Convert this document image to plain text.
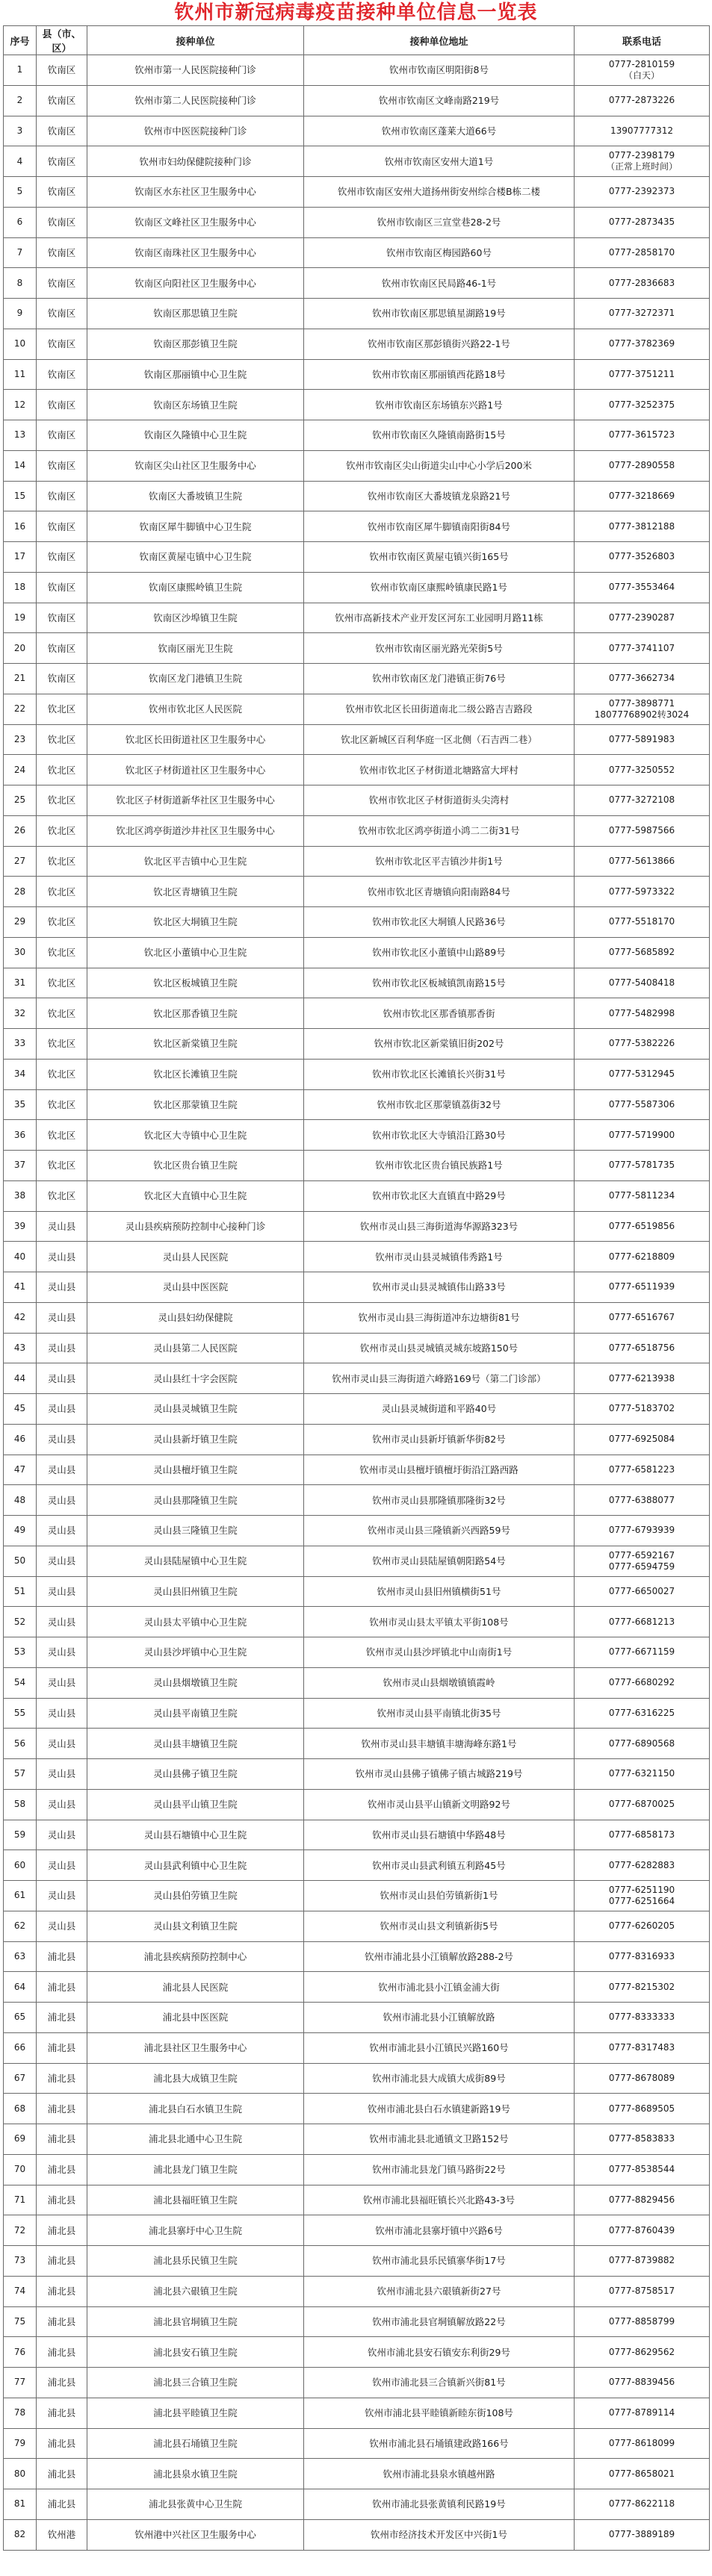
钦州市新冠病毒疫苗接种单位信息一览表
序号	县（市、区）	接种单位	接种单位地址	联系电话
1	钦南区	钦州市第一人民医院接种门诊	钦州市钦南区明阳街8号	0777-2810159
（白天）
2	钦南区	钦州市第二人民医院接种门诊	钦州市钦南区文峰南路219号	0777-2873226
3	钦南区	钦州市中医医院接种门诊	钦州市钦南区蓬莱大道66号	13907777312
4	钦南区	钦州市妇幼保健院接种门诊	钦州市钦南区安州大道1号	0777-2398179
（正常上班时间）
5	钦南区	钦南区水东社区卫生服务中心	钦州市钦南区安州大道扬州街安州综合楼B栋二楼	0777-2392373
6	钦南区	钦南区文峰社区卫生服务中心	钦州市钦南区三宣堂巷28-2号	0777-2873435
7	钦南区	钦南区南珠社区卫生服务中心	钦州市钦南区梅园路60号	0777-2858170
8	钦南区	钦南区向阳社区卫生服务中心	钦州市钦南区民局路46-1号	0777-2836683
9	钦南区	钦南区那思镇卫生院	钦州市钦南区那思镇星湖路19号	0777-3272371
10	钦南区	钦南区那彭镇卫生院	钦州市钦南区那彭镇街兴路22-1号	0777-3782369
11	钦南区	钦南区那丽镇中心卫生院	钦州市钦南区那丽镇西花路18号	0777-3751211
12	钦南区	钦南区东场镇卫生院	钦州市钦南区东场镇东兴路1号	0777-3252375
13	钦南区	钦南区久隆镇中心卫生院	钦州市钦南区久隆镇南路街15号	0777-3615723
14	钦南区	钦南区尖山社区卫生服务中心	钦州市钦南区尖山街道尖山中心小学后200米	0777-2890558
15	钦南区	钦南区大番坡镇卫生院	钦州市钦南区大番坡镇龙泉路21号	0777-3218669
16	钦南区	钦南区犀牛脚镇中心卫生院	钦州市钦南区犀牛脚镇南阳街84号	0777-3812188
17	钦南区	钦南区黄屋屯镇中心卫生院	钦州市钦南区黄屋屯镇兴街165号	0777-3526803
18	钦南区	钦南区康熙岭镇卫生院	钦州市钦南区康熙岭镇康民路1号	0777-3553464
19	钦南区	钦南区沙埠镇卫生院	钦州市高新技术产业开发区河东工业园明月路11栋	0777-2390287
20	钦南区	钦南区丽光卫生院	钦州市钦南区丽光路光荣街5号	0777-3741107
21	钦南区	钦南区龙门港镇卫生院	钦州市钦南区龙门港镇正街76号	0777-3662734
22	钦北区	钦州市钦北区人民医院	钦州市钦北区长田街道南北二级公路吉吉路段	0777-3898771
18077768902转3024
23	钦北区	钦北区长田街道社区卫生服务中心	钦北区新城区百利华庭一区北侧（石吉西二巷）	0777-5891983
24	钦北区	钦北区子材街道社区卫生服务中心	钦州市钦北区子材街道北塘路富大坪村	0777-3250552
25	钦北区	钦北区子材街道新华社区卫生服务中心	钦州市钦北区子材街道街头尖湾村	0777-3272108
26	钦北区	钦北区鸿亭街道沙井社区卫生服务中心	钦州市钦北区鸿亭街道小鸿二二街31号	0777-5987566
27	钦北区	钦北区平吉镇中心卫生院	钦州市钦北区平吉镇沙井街1号	0777-5613866
28	钦北区	钦北区青塘镇卫生院	钦州市钦北区青塘镇向阳南路84号	0777-5973322
29	钦北区	钦北区大垌镇卫生院	钦州市钦北区大垌镇人民路36号	0777-5518170
30	钦北区	钦北区小董镇中心卫生院	钦州市钦北区小董镇中山路89号	0777-5685892
31	钦北区	钦北区板城镇卫生院	钦州市钦北区板城镇凯南路15号	0777-5408418
32	钦北区	钦北区那香镇卫生院	钦州市钦北区那香镇那香街	0777-5482998
33	钦北区	钦北区新棠镇卫生院	钦州市钦北区新棠镇旧街202号	0777-5382226
34	钦北区	钦北区长滩镇卫生院	钦州市钦北区长滩镇长兴街31号	0777-5312945
35	钦北区	钦北区那蒙镇卫生院	钦州市钦北区那蒙镇荔街32号	0777-5587306
36	钦北区	钦北区大寺镇中心卫生院	钦州市钦北区大寺镇沿江路30号	0777-5719900
37	钦北区	钦北区贵台镇卫生院	钦州市钦北区贵台镇民族路1号	0777-5781735
38	钦北区	钦北区大直镇中心卫生院	钦州市钦北区大直镇直中路29号	0777-5811234
39	灵山县	灵山县疾病预防控制中心接种门诊	钦州市灵山县三海街道海华源路323号	0777-6519856
40	灵山县	灵山县人民医院	钦州市灵山县灵城镇伟秀路1号	0777-6218809
41	灵山县	灵山县中医医院	钦州市灵山县灵城镇伟山路33号	0777-6511939
42	灵山县	灵山县妇幼保健院	钦州市灵山县三海街道冲东边塘街81号	0777-6516767
43	灵山县	灵山县第二人民医院	钦州市灵山县灵城镇灵城东坡路150号	0777-6518756
44	灵山县	灵山县红十字会医院	钦州市灵山县三海街道六峰路169号（第二门诊部）	0777-6213938
45	灵山县	灵山县灵城镇卫生院	灵山县灵城街道和平路40号	0777-5183702
46	灵山县	灵山县新圩镇卫生院	钦州市灵山县新圩镇新华街82号	0777-6925084
47	灵山县	灵山县檀圩镇卫生院	钦州市灵山县檀圩镇檀圩街沿江路西路	0777-6581223
48	灵山县	灵山县那隆镇卫生院	钦州市灵山县那隆镇那隆街32号	0777-6388077
49	灵山县	灵山县三隆镇卫生院	钦州市灵山县三隆镇新兴西路59号	0777-6793939
50	灵山县	灵山县陆屋镇中心卫生院	钦州市灵山县陆屋镇朝阳路54号	0777-6592167
0777-6594759
51	灵山县	灵山县旧州镇卫生院	钦州市灵山县旧州镇横街51号	0777-6650027
52	灵山县	灵山县太平镇中心卫生院	钦州市灵山县太平镇太平街108号	0777-6681213
53	灵山县	灵山县沙坪镇中心卫生院	钦州市灵山县沙坪镇北中山南街1号	0777-6671159
54	灵山县	灵山县烟墩镇卫生院	钦州市灵山县烟墩镇镇霞岭	0777-6680292
55	灵山县	灵山县平南镇卫生院	钦州市灵山县平南镇北街35号	0777-6316225
56	灵山县	灵山县丰塘镇卫生院	钦州市灵山县丰塘镇丰塘海峰东路1号	0777-6890568
57	灵山县	灵山县佛子镇卫生院	钦州市灵山县佛子镇佛子镇古城路219号	0777-6321150
58	灵山县	灵山县平山镇卫生院	钦州市灵山县平山镇新文明路92号	0777-6870025
59	灵山县	灵山县石塘镇中心卫生院	钦州市灵山县石塘镇中华路48号	0777-6858173
60	灵山县	灵山县武利镇中心卫生院	钦州市灵山县武利镇五利路45号	0777-6282883
61	灵山县	灵山县伯劳镇卫生院	钦州市灵山县伯劳镇新街1号	0777-6251190
0777-6251664
62	灵山县	灵山县文利镇卫生院	钦州市灵山县文利镇新街5号	0777-6260205
63	浦北县	浦北县疾病预防控制中心	钦州市浦北县小江镇解放路288-2号	0777-8316933
64	浦北县	浦北县人民医院	钦州市浦北县小江镇金浦大街	0777-8215302
65	浦北县	浦北县中医医院	钦州市浦北县小江镇解放路	0777-8333333
66	浦北县	浦北县社区卫生服务中心	钦州市浦北县小江镇民兴路160号	0777-8317483
67	浦北县	浦北县大成镇卫生院	钦州市浦北县大成镇大成街89号	0777-8678089
68	浦北县	浦北县白石水镇卫生院	钦州市浦北县白石水镇建新路19号	0777-8689505
69	浦北县	浦北县北通中心卫生院	钦州市浦北县北通镇文卫路152号	0777-8583833
70	浦北县	浦北县龙门镇卫生院	钦州市浦北县龙门镇马路街22号	0777-8538544
71	浦北县	浦北县福旺镇卫生院	钦州市浦北县福旺镇长兴北路43-3号	0777-8829456
72	浦北县	浦北县寨圩中心卫生院	钦州市浦北县寨圩镇中兴路6号	0777-8760439
73	浦北县	浦北县乐民镇卫生院	钦州市浦北县乐民镇寨华街17号	0777-8739882
74	浦北县	浦北县六硍镇卫生院	钦州市浦北县六硍镇新街27号	0777-8758517
75	浦北县	浦北县官垌镇卫生院	钦州市浦北县官垌镇解放路22号	0777-8858799
76	浦北县	浦北县安石镇卫生院	钦州市浦北县安石镇安东利街29号	0777-8629562
77	浦北县	浦北县三合镇卫生院	钦州市浦北县三合镇新兴街81号	0777-8839456
78	浦北县	浦北县平睦镇卫生院	钦州市浦北县平睦镇新睦东街108号	0777-8789114
79	浦北县	浦北县石埇镇卫生院	钦州市浦北县石埇镇建政路166号	0777-8618099
80	浦北县	浦北县泉水镇卫生院	钦州市浦北县泉水镇越州路	0777-8658021
81	浦北县	浦北县张黄中心卫生院	钦州市浦北县张黄镇利民路19号	0777-8622118
82	钦州港	钦州港中兴社区卫生服务中心	钦州市经济技术开发区中兴街1号	0777-3889189
